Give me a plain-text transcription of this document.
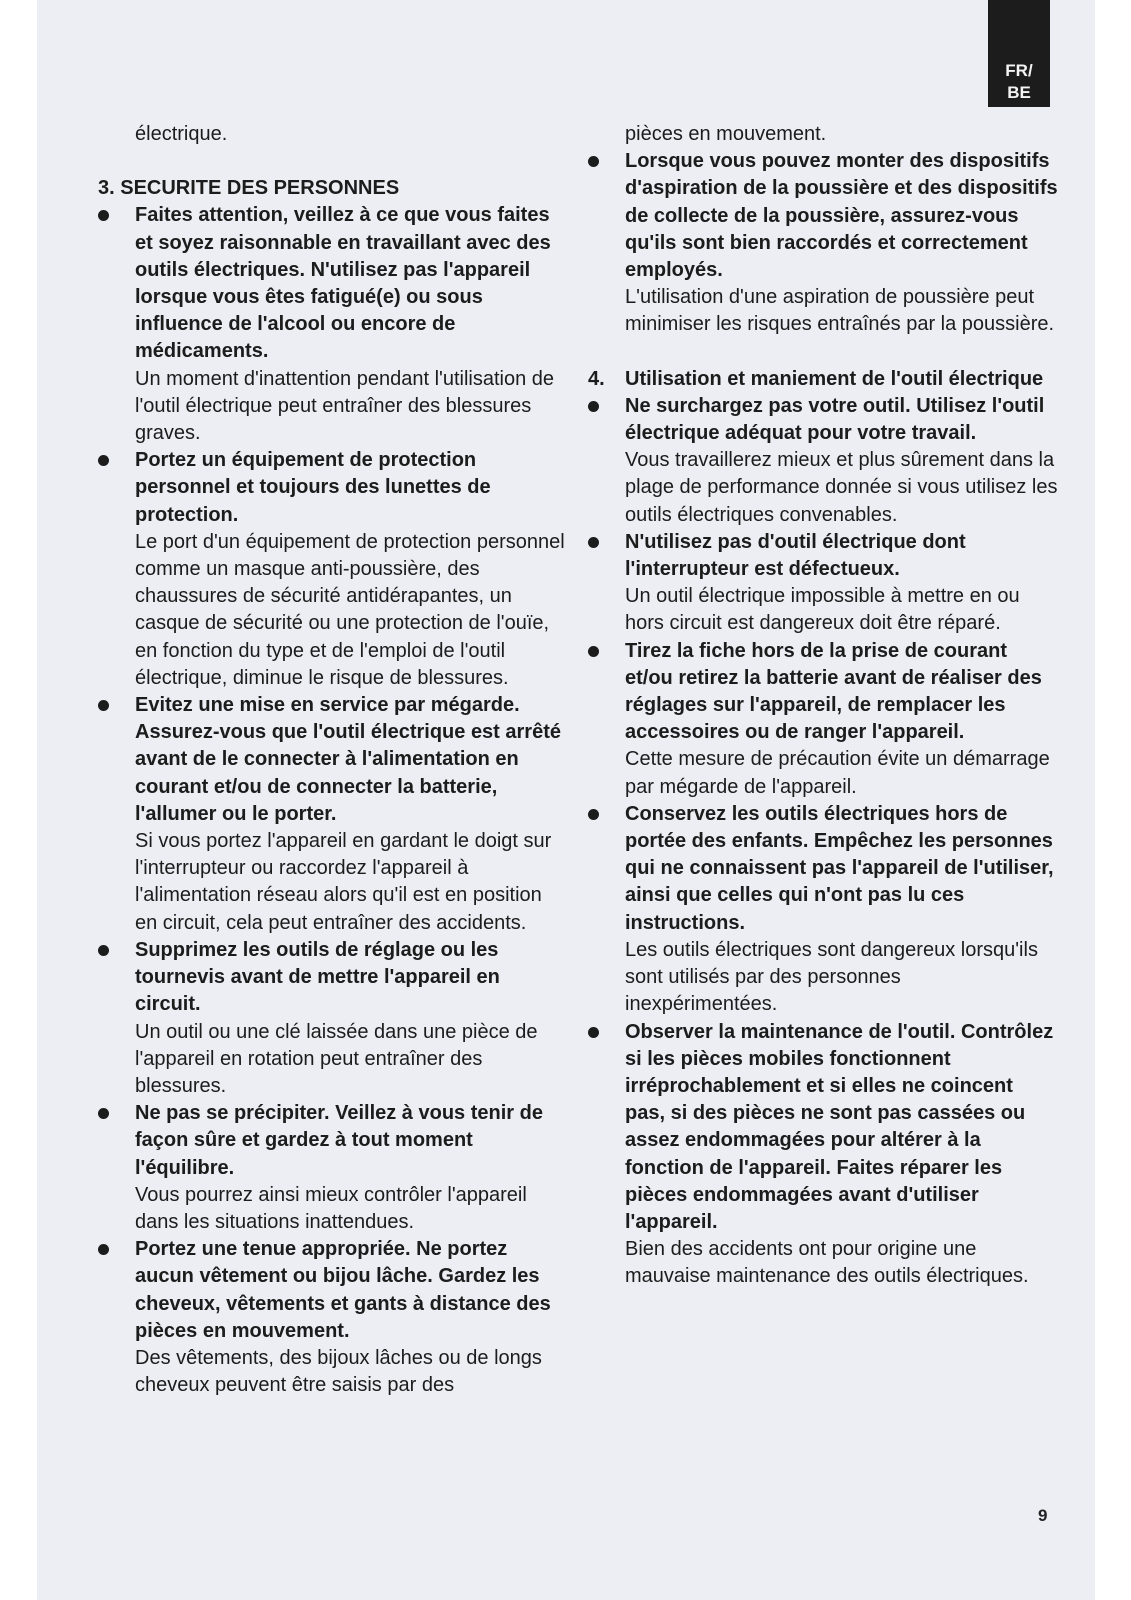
FR/
BE
électrique.
3. SECURITE DES PERSONNES
Faites attention, veillez à ce que vous faites et soyez raisonnable en travaillant avec des outils électriques. N'utilisez pas l'appareil lorsque vous êtes fatigué(e) ou sous influence de l'alcool ou encore de médicaments.
Un moment d'inattention pendant l'utilisation de l'outil électrique peut entraîner des blessures graves.
Portez un équipement de protection personnel et toujours des lunettes de protection.
Le port d'un équipement de protection personnel comme un masque anti-poussière, des chaussures de sécurité antidérapantes, un casque de sécurité ou une protection de l'ouïe, en fonction du type et de l'emploi de l'outil électrique, diminue le risque de blessures.
Evitez une mise en service par mégarde. Assurez-vous que l'outil électrique est arrêté avant de le connecter à l'alimentation en courant et/ou de connecter la batterie, l'allumer ou le porter.
Si vous portez l'appareil en gardant le doigt sur l'interrupteur ou raccordez l'appareil à l'alimentation réseau alors qu'il est en position en circuit, cela peut entraîner des accidents.
Supprimez les outils de réglage ou les tournevis avant de mettre l'appareil en circuit.
Un outil ou une clé laissée dans une pièce de l'appareil en rotation peut entraîner des blessures.
Ne pas se précipiter. Veillez à vous tenir de façon sûre et gardez à tout moment l'équilibre.
Vous pourrez ainsi mieux contrôler l'appareil dans les situations inattendues.
Portez une tenue appropriée. Ne portez aucun vêtement ou bijou lâche. Gardez les cheveux, vêtements et gants à distance des pièces en mouvement.
Des vêtements, des bijoux lâches ou de longs cheveux peuvent être saisis par des
pièces en mouvement.
Lorsque vous pouvez monter des dispositifs d'aspiration de la poussière et des dispositifs de collecte de la poussière, assurez-vous qu'ils sont bien raccordés et correctement employés.
L'utilisation d'une aspiration de poussière peut minimiser les risques entraînés par la poussière.
4. Utilisation et maniement de l'outil électrique
Ne surchargez pas votre outil. Utilisez l'outil électrique adéquat pour votre travail.
Vous travaillerez mieux et plus sûrement dans la plage de performance donnée si vous utilisez les outils électriques convenables.
N'utilisez pas d'outil électrique dont l'interrupteur est défectueux.
Un outil électrique impossible à mettre en ou hors circuit est dangereux doit être réparé.
Tirez la fiche hors de la prise de courant et/ou retirez la batterie avant de réaliser des réglages sur l'appareil, de remplacer les accessoires ou de ranger l'appareil.
Cette mesure de précaution évite un démarrage par mégarde de l'appareil.
Conservez les outils électriques hors de portée des enfants. Empêchez les personnes qui ne connaissent pas l'appareil de l'utiliser, ainsi que celles qui n'ont pas lu ces instructions.
Les outils électriques sont dangereux lorsqu'ils sont utilisés par des personnes inexpérimentées.
Observer la maintenance de l'outil. Contrôlez si les pièces mobiles fonctionnent irréprochablement et si elles ne coincent pas, si des pièces ne sont pas cassées ou assez endommagées pour altérer à la fonction de l'appareil. Faites réparer les pièces endommagées avant d'utiliser l'appareil.
Bien des accidents ont pour origine une mauvaise maintenance des outils électriques.
9
